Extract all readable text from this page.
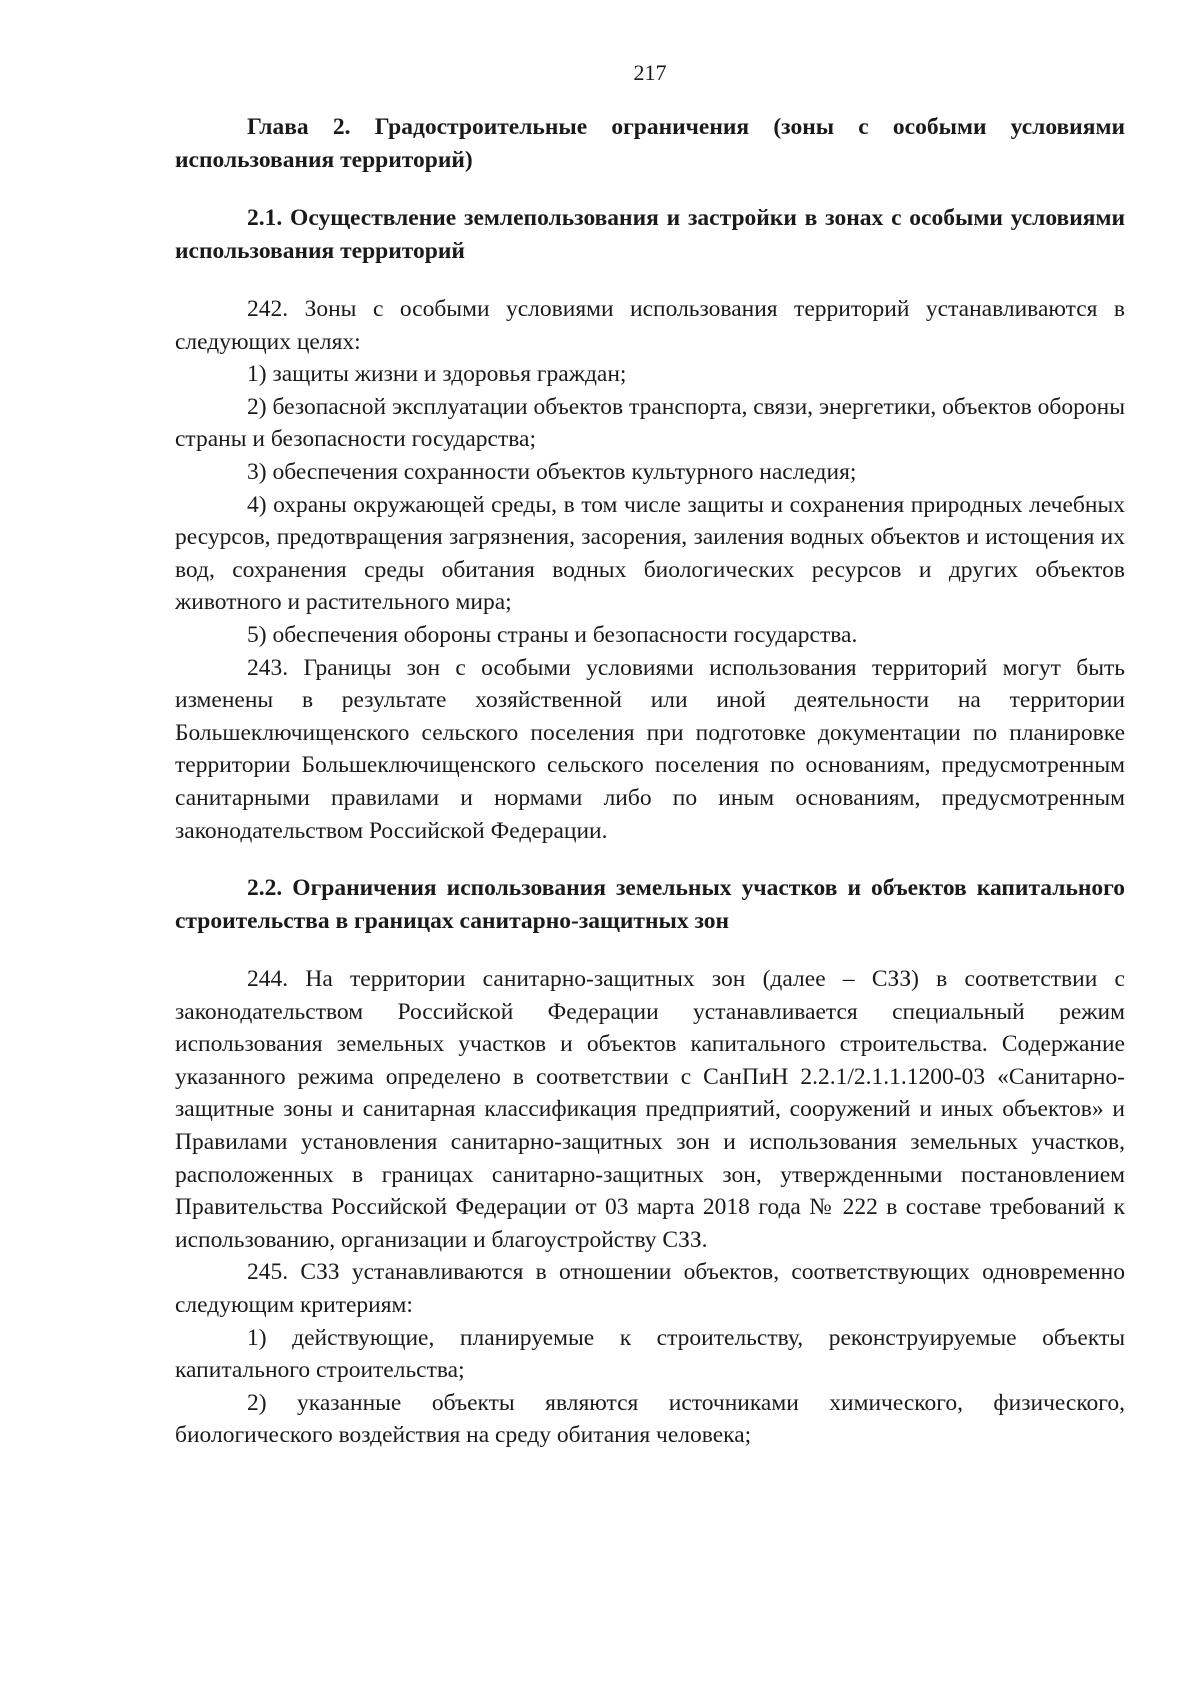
217

Глава 2. Градостроительные ограничения (зоны с особыми условиями использования территорий)

2.1. Осуществление землепользования и застройки в зонах с особыми условиями использования территорий

242. Зоны с особыми условиями использования территорий устанавливаются в следующих целях:

1) защиты жизни и здоровья граждан;

2) безопасной эксплуатации объектов транспорта, связи, энергетики, объектов обороны страны и безопасности государства;

3) обеспечения сохранности объектов культурного наследия;

4) охраны окружающей среды, в том числе защиты и сохранения природных лечебных ресурсов, предотвращения загрязнения, засорения, заиления водных объектов и истощения их вод, сохранения среды обитания водных биологических ресурсов и других объектов животного и растительного мира;

5) обеспечения обороны страны и безопасности государства.

243. Границы зон с особыми условиями использования территорий могут быть изменены в результате хозяйственной или иной деятельности на территории Большеключищенского сельского поселения при подготовке документации по планировке территории Большеключищенского сельского поселения по основаниям, предусмотренным санитарными правилами и нормами либо по иным основаниям, предусмотренным законодательством Российской Федерации.

2.2. Ограничения использования земельных участков и объектов капитального строительства в границах санитарно-защитных зон

244. На территории санитарно-защитных зон (далее – СЗЗ) в соответствии с законодательством Российской Федерации устанавливается специальный режим использования земельных участков и объектов капитального строительства. Содержание указанного режима определено в соответствии с СанПиН 2.2.1/2.1.1.1200-03 «Санитарно-защитные зоны и санитарная классификация предприятий, сооружений и иных объектов» и Правилами установления санитарно-защитных зон и использования земельных участков, расположенных в границах санитарно-защитных зон, утвержденными постановлением Правительства Российской Федерации от 03 марта 2018 года № 222 в составе требований к использованию, организации и благоустройству СЗЗ.

245. СЗЗ устанавливаются в отношении объектов, соответствующих одновременно следующим критериям:

1) действующие, планируемые к строительству, реконструируемые объекты капитального строительства;

2) указанные объекты являются источниками химического, физического, биологического воздействия на среду обитания человека;
